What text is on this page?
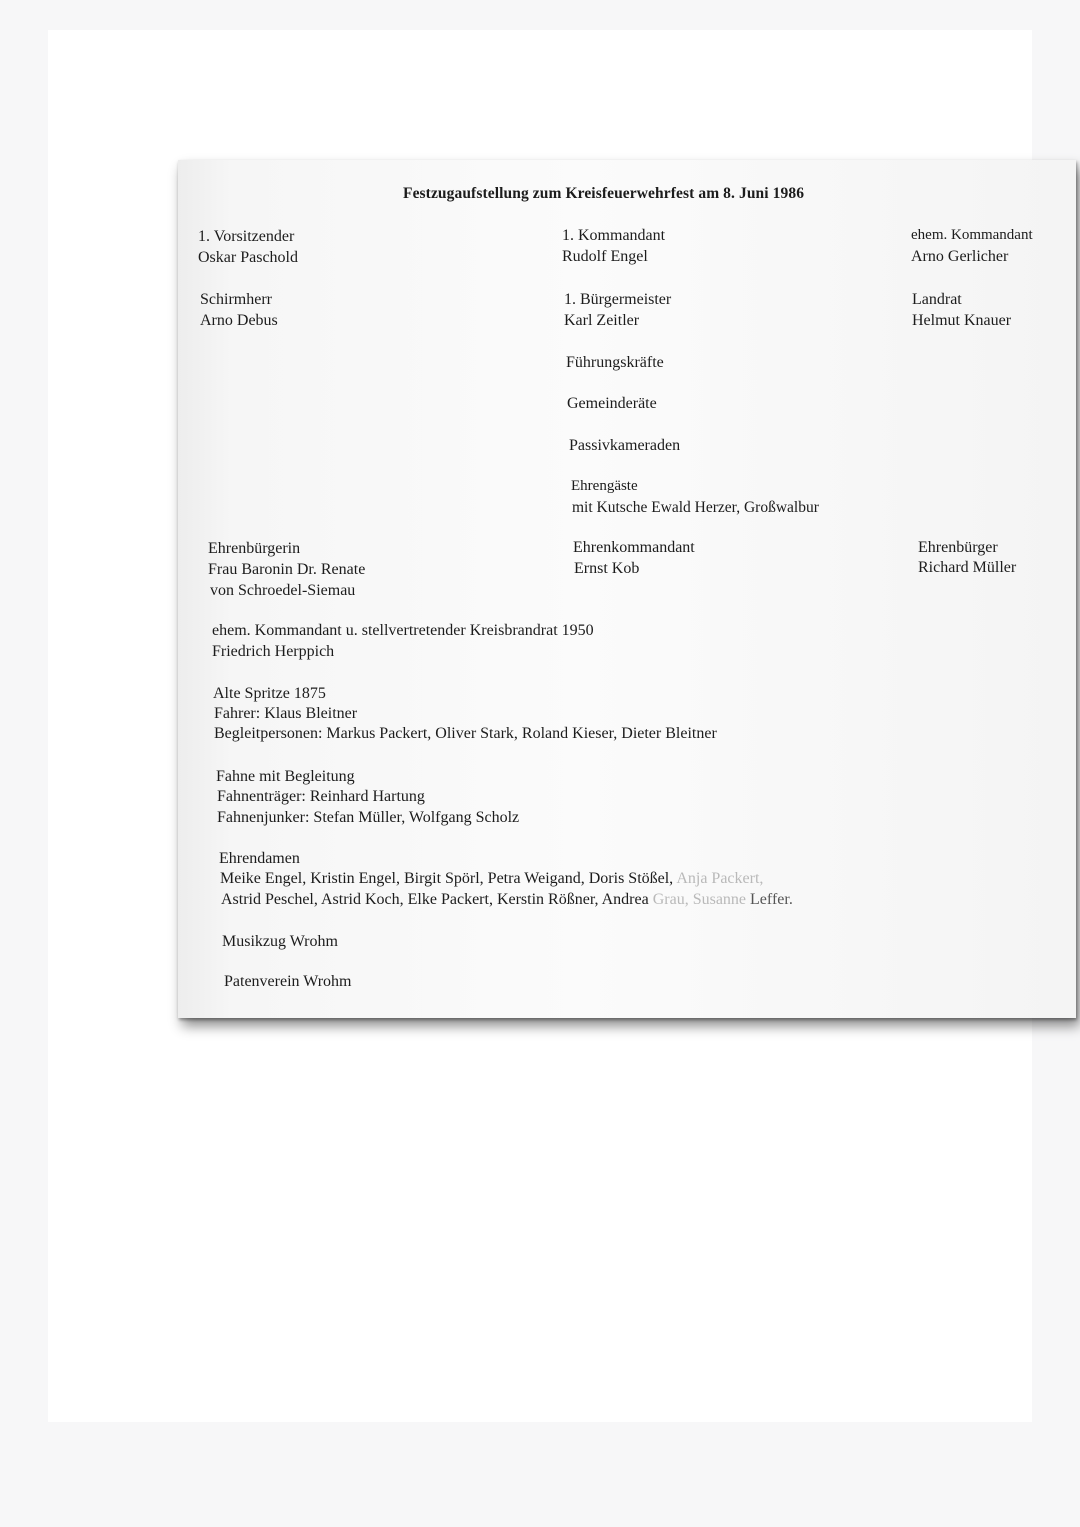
Festzugaufstellung zum Kreisfeuerwehrfest am 8. Juni 1986

1. Vorsitzender

Oskar Paschold

1. Kommandant

Rudolf Engel

ehem. Kommandant

Arno Gerlicher

Schirmherr

Arno Debus

1. Bürgermeister

Karl Zeitler

Landrat

Helmut Knauer

Führungskräfte

Gemeinderäte

Passivkameraden

Ehrengäste

mit Kutsche Ewald Herzer, Großwalbur

Ehrenbürgerin

Frau Baronin Dr. Renate

von Schroedel-Siemau

Ehrenkommandant

Ernst Kob

Ehrenbürger

Richard Müller

ehem. Kommandant u. stellvertretender Kreisbrandrat 1950

Friedrich Herppich

Alte Spritze 1875

Fahrer: Klaus Bleitner

Begleitpersonen: Markus Packert, Oliver Stark, Roland Kieser, Dieter Bleitner

Fahne mit Begleitung

Fahnenträger: Reinhard Hartung

Fahnenjunker: Stefan Müller, Wolfgang Scholz

Ehrendamen

Meike Engel, Kristin Engel, Birgit Spörl, Petra Weigand, Doris Stößel, Anja Packert,

Astrid Peschel, Astrid Koch, Elke Packert, Kerstin Rößner, Andrea Grau, Susanne Leffer.

Musikzug Wrohm

Patenverein Wrohm
